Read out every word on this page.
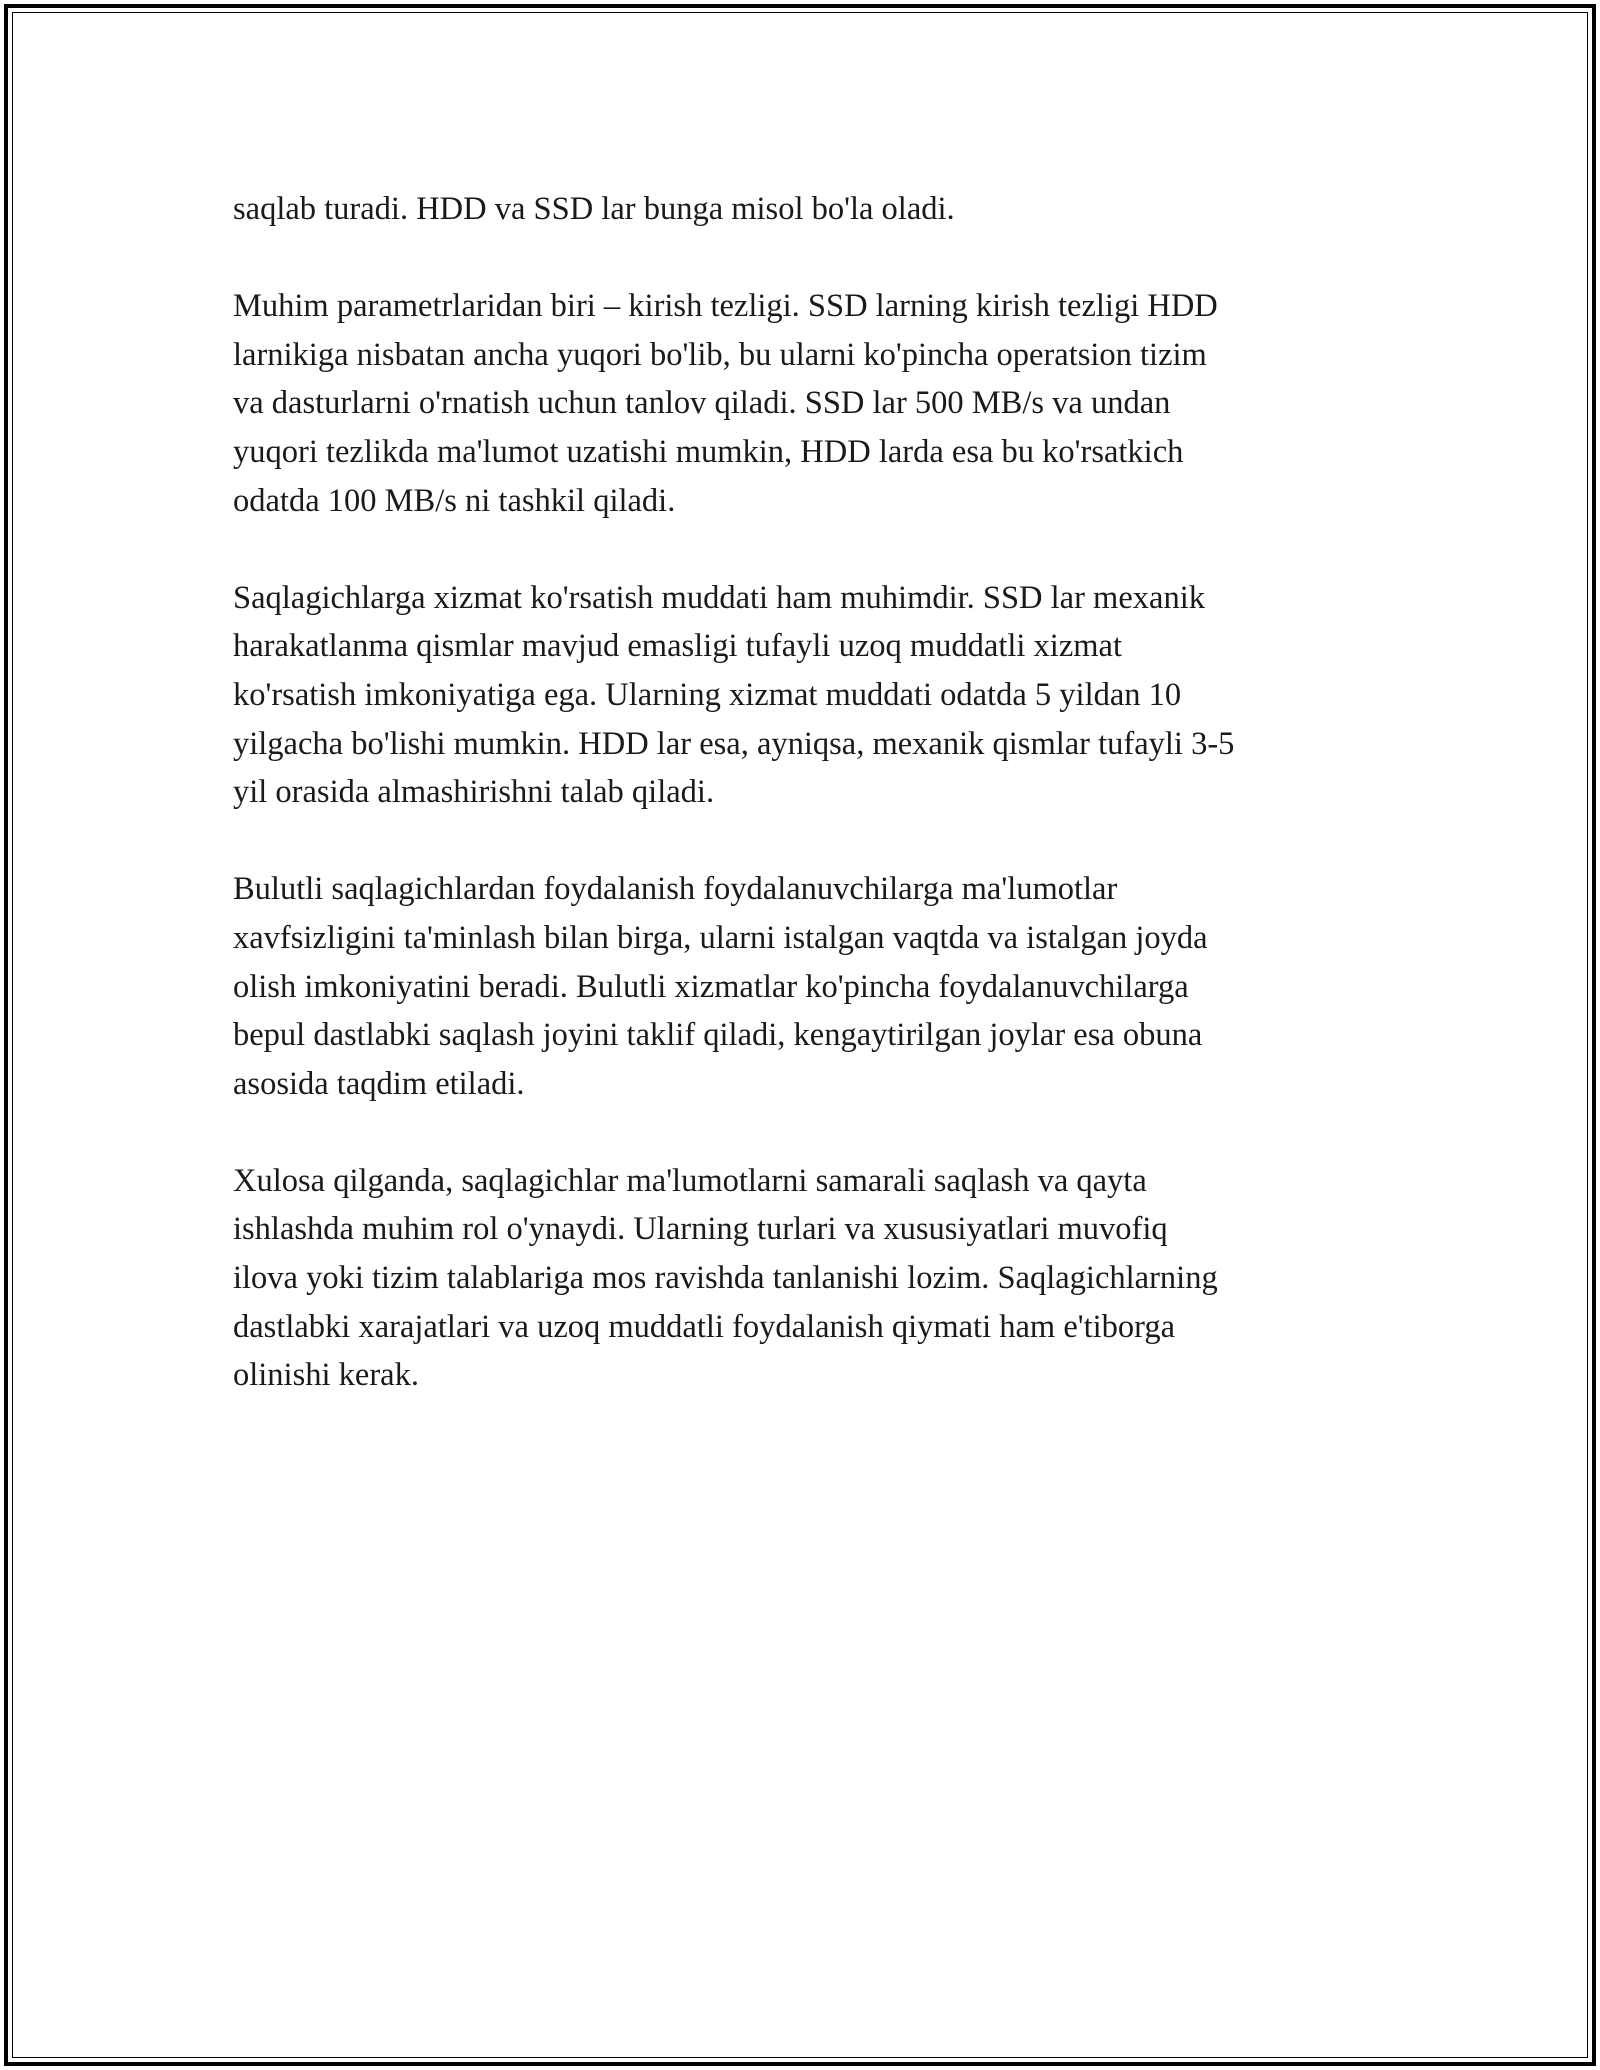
saqlab turadi. HDD va SSD lar bunga misol bo'la oladi.

Muhim parametrlaridan biri – kirish tezligi. SSD larning kirish tezligi HDD
larnikiga nisbatan ancha yuqori bo'lib, bu ularni ko'pincha operatsion tizim
va dasturlarni o'rnatish uchun tanlov qiladi. SSD lar 500 MB/s va undan
yuqori tezlikda ma'lumot uzatishi mumkin, HDD larda esa bu ko'rsatkich
odatda 100 MB/s ni tashkil qiladi.

Saqlagichlarga xizmat ko'rsatish muddati ham muhimdir. SSD lar mexanik
harakatlanma qismlar mavjud emasligi tufayli uzoq muddatli xizmat
ko'rsatish imkoniyatiga ega. Ularning xizmat muddati odatda 5 yildan 10
yilgacha bo'lishi mumkin. HDD lar esa, ayniqsa, mexanik qismlar tufayli 3-5
yil orasida almashirishni talab qiladi.

Bulutli saqlagichlardan foydalanish foydalanuvchilarga ma'lumotlar
xavfsizligini ta'minlash bilan birga, ularni istalgan vaqtda va istalgan joyda
olish imkoniyatini beradi. Bulutli xizmatlar ko'pincha foydalanuvchilarga
bepul dastlabki saqlash joyini taklif qiladi, kengaytirilgan joylar esa obuna
asosida taqdim etiladi.

Xulosa qilganda, saqlagichlar ma'lumotlarni samarali saqlash va qayta
ishlashda muhim rol o'ynaydi. Ularning turlari va xususiyatlari muvofiq
ilova yoki tizim talablariga mos ravishda tanlanishi lozim. Saqlagichlarning
dastlabki xarajatlari va uzoq muddatli foydalanish qiymati ham e'tiborga
olinishi kerak.
